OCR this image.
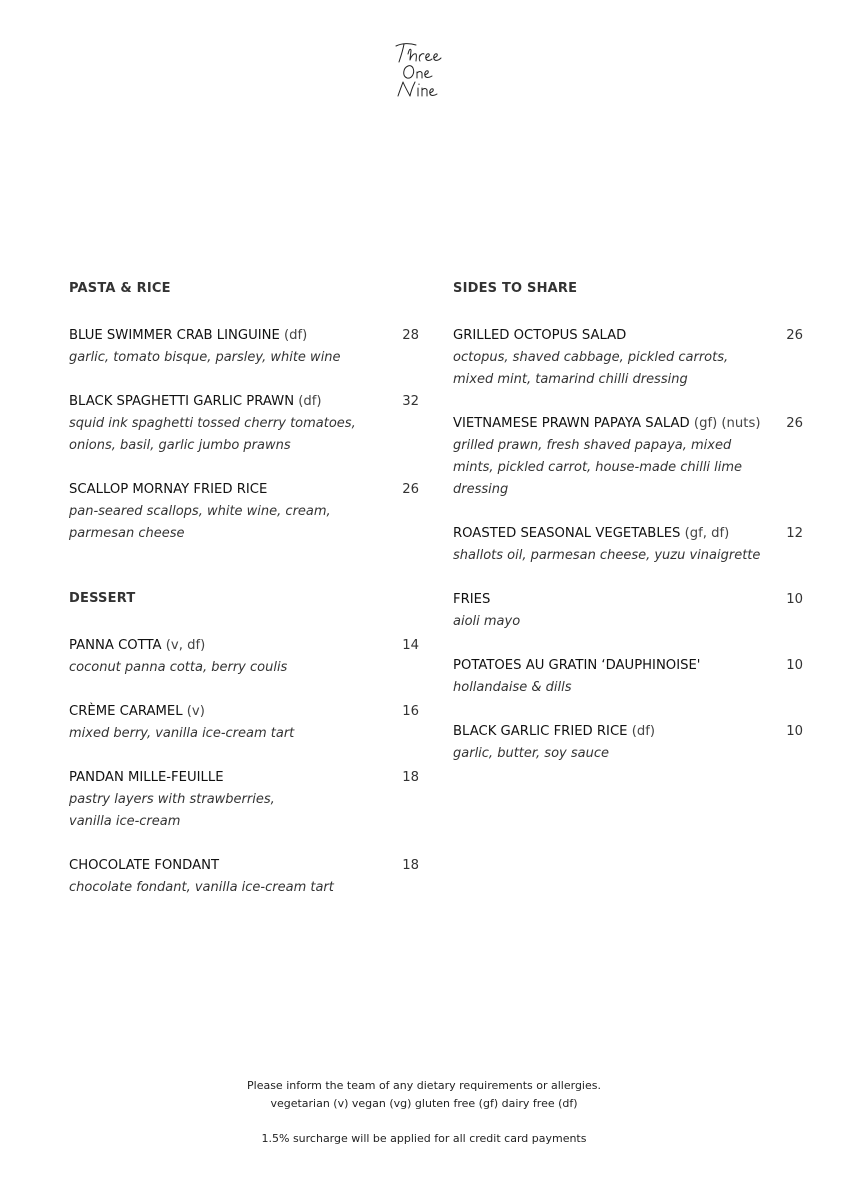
PASTA & RICE
BLUE SWIMMER CRAB LINGUINE (df)	28
garlic, tomato bisque, parsley, white wine
BLACK SPAGHETTI GARLIC PRAWN (df)	32
squid ink spaghetti tossed cherry tomatoes, onions, basil, garlic jumbo prawns
SCALLOP MORNAY FRIED RICE	26
pan-seared scallops, white wine, cream, parmesan cheese
DESSERT
PANNA COTTA (v, df)	14
coconut panna cotta, berry coulis
CRÈME CARAMEL (v)	16
mixed berry, vanilla ice-cream tart
PANDAN MILLE-FEUILLE	18
pastry layers with strawberries, vanilla ice-cream
CHOCOLATE FONDANT	18
chocolate fondant, vanilla ice-cream tart
SIDES TO SHARE
GRILLED OCTOPUS SALAD	26
octopus, shaved cabbage, pickled carrots, mixed mint, tamarind chilli dressing
VIETNAMESE PRAWN PAPAYA SALAD (gf) (nuts)	26
grilled prawn, fresh shaved papaya, mixed mints, pickled carrot, house-made chilli lime dressing
ROASTED SEASONAL VEGETABLES (gf, df)	12
shallots oil, parmesan cheese, yuzu vinaigrette
FRIES	10
aioli mayo
POTATOES AU GRATIN ‘DAUPHINOISE'	10
hollandaise & dills
BLACK GARLIC FRIED RICE (df)	10
garlic, butter, soy sauce

Please inform the team of any dietary requirements or allergies.

vegetarian (v) vegan (vg) gluten free (gf) dairy free (df)

1.5% surcharge will be applied for all credit card payments
